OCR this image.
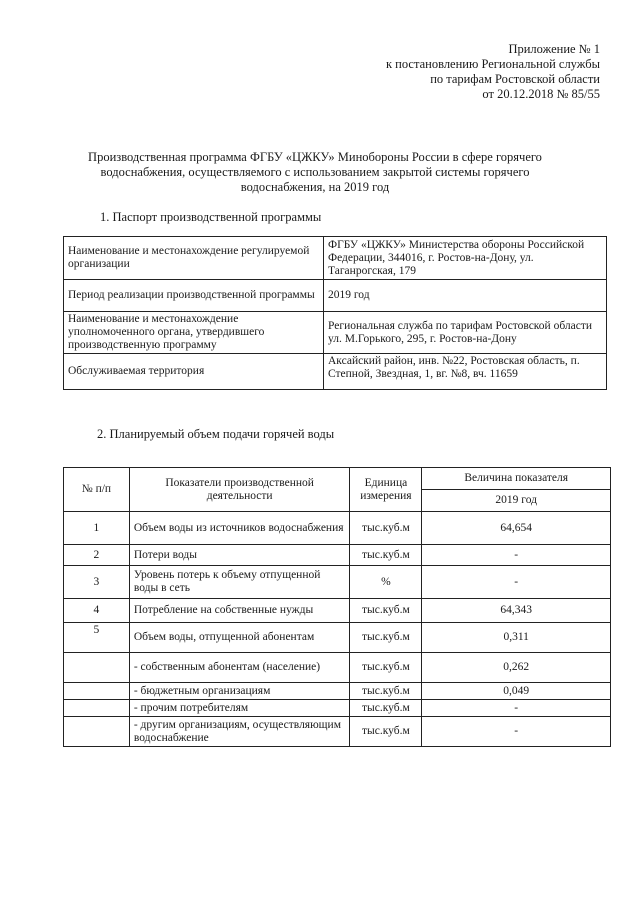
Приложение № 1
к постановлению Региональной службы
по тарифам Ростовской области
от 20.12.2018 № 85/55
Производственная программа ФГБУ «ЦЖКУ» Минобороны России в сфере горячего
водоснабжения, осуществляемого с использованием закрытой системы горячего
водоснабжения, на 2019 год
1. Паспорт производственной программы
Наименование и местонахождение регулируемой организации	ФГБУ «ЦЖКУ» Министерства обороны Российской Федерации, 344016, г. Ростов-на-Дону, ул. Таганрогская, 179
Период реализации производственной программы	2019 год
Наименование и местонахождение уполномоченного органа, утвердившего производственную программу	Региональная служба по тарифам Ростовской области ул. М.Горького, 295, г. Ростов-на-Дону
Обслуживаемая территория	Аксайский район, инв. №22, Ростовская область, п. Степной, Звездная, 1, вг. №8, вч. 11659
2. Планируемый объем подачи горячей воды
№ п/п	Показатели производственной деятельности	Единица измерения	Величина показателя
			2019 год
1	Объем воды из источников водоснабжения	тыс.куб.м	64,654
2	Потери воды	тыс.куб.м	-
3	Уровень потерь к объему отпущенной воды в сеть	%	-
4	Потребление на собственные нужды	тыс.куб.м	64,343
5	Объем воды, отпущенной абонентам	тыс.куб.м	0,311
	- собственным абонентам (население)	тыс.куб.м	0,262
	- бюджетным организациям	тыс.куб.м	0,049
	- прочим потребителям	тыс.куб.м	-
	- другим организациям, осуществляющим водоснабжение	тыс.куб.м	-
